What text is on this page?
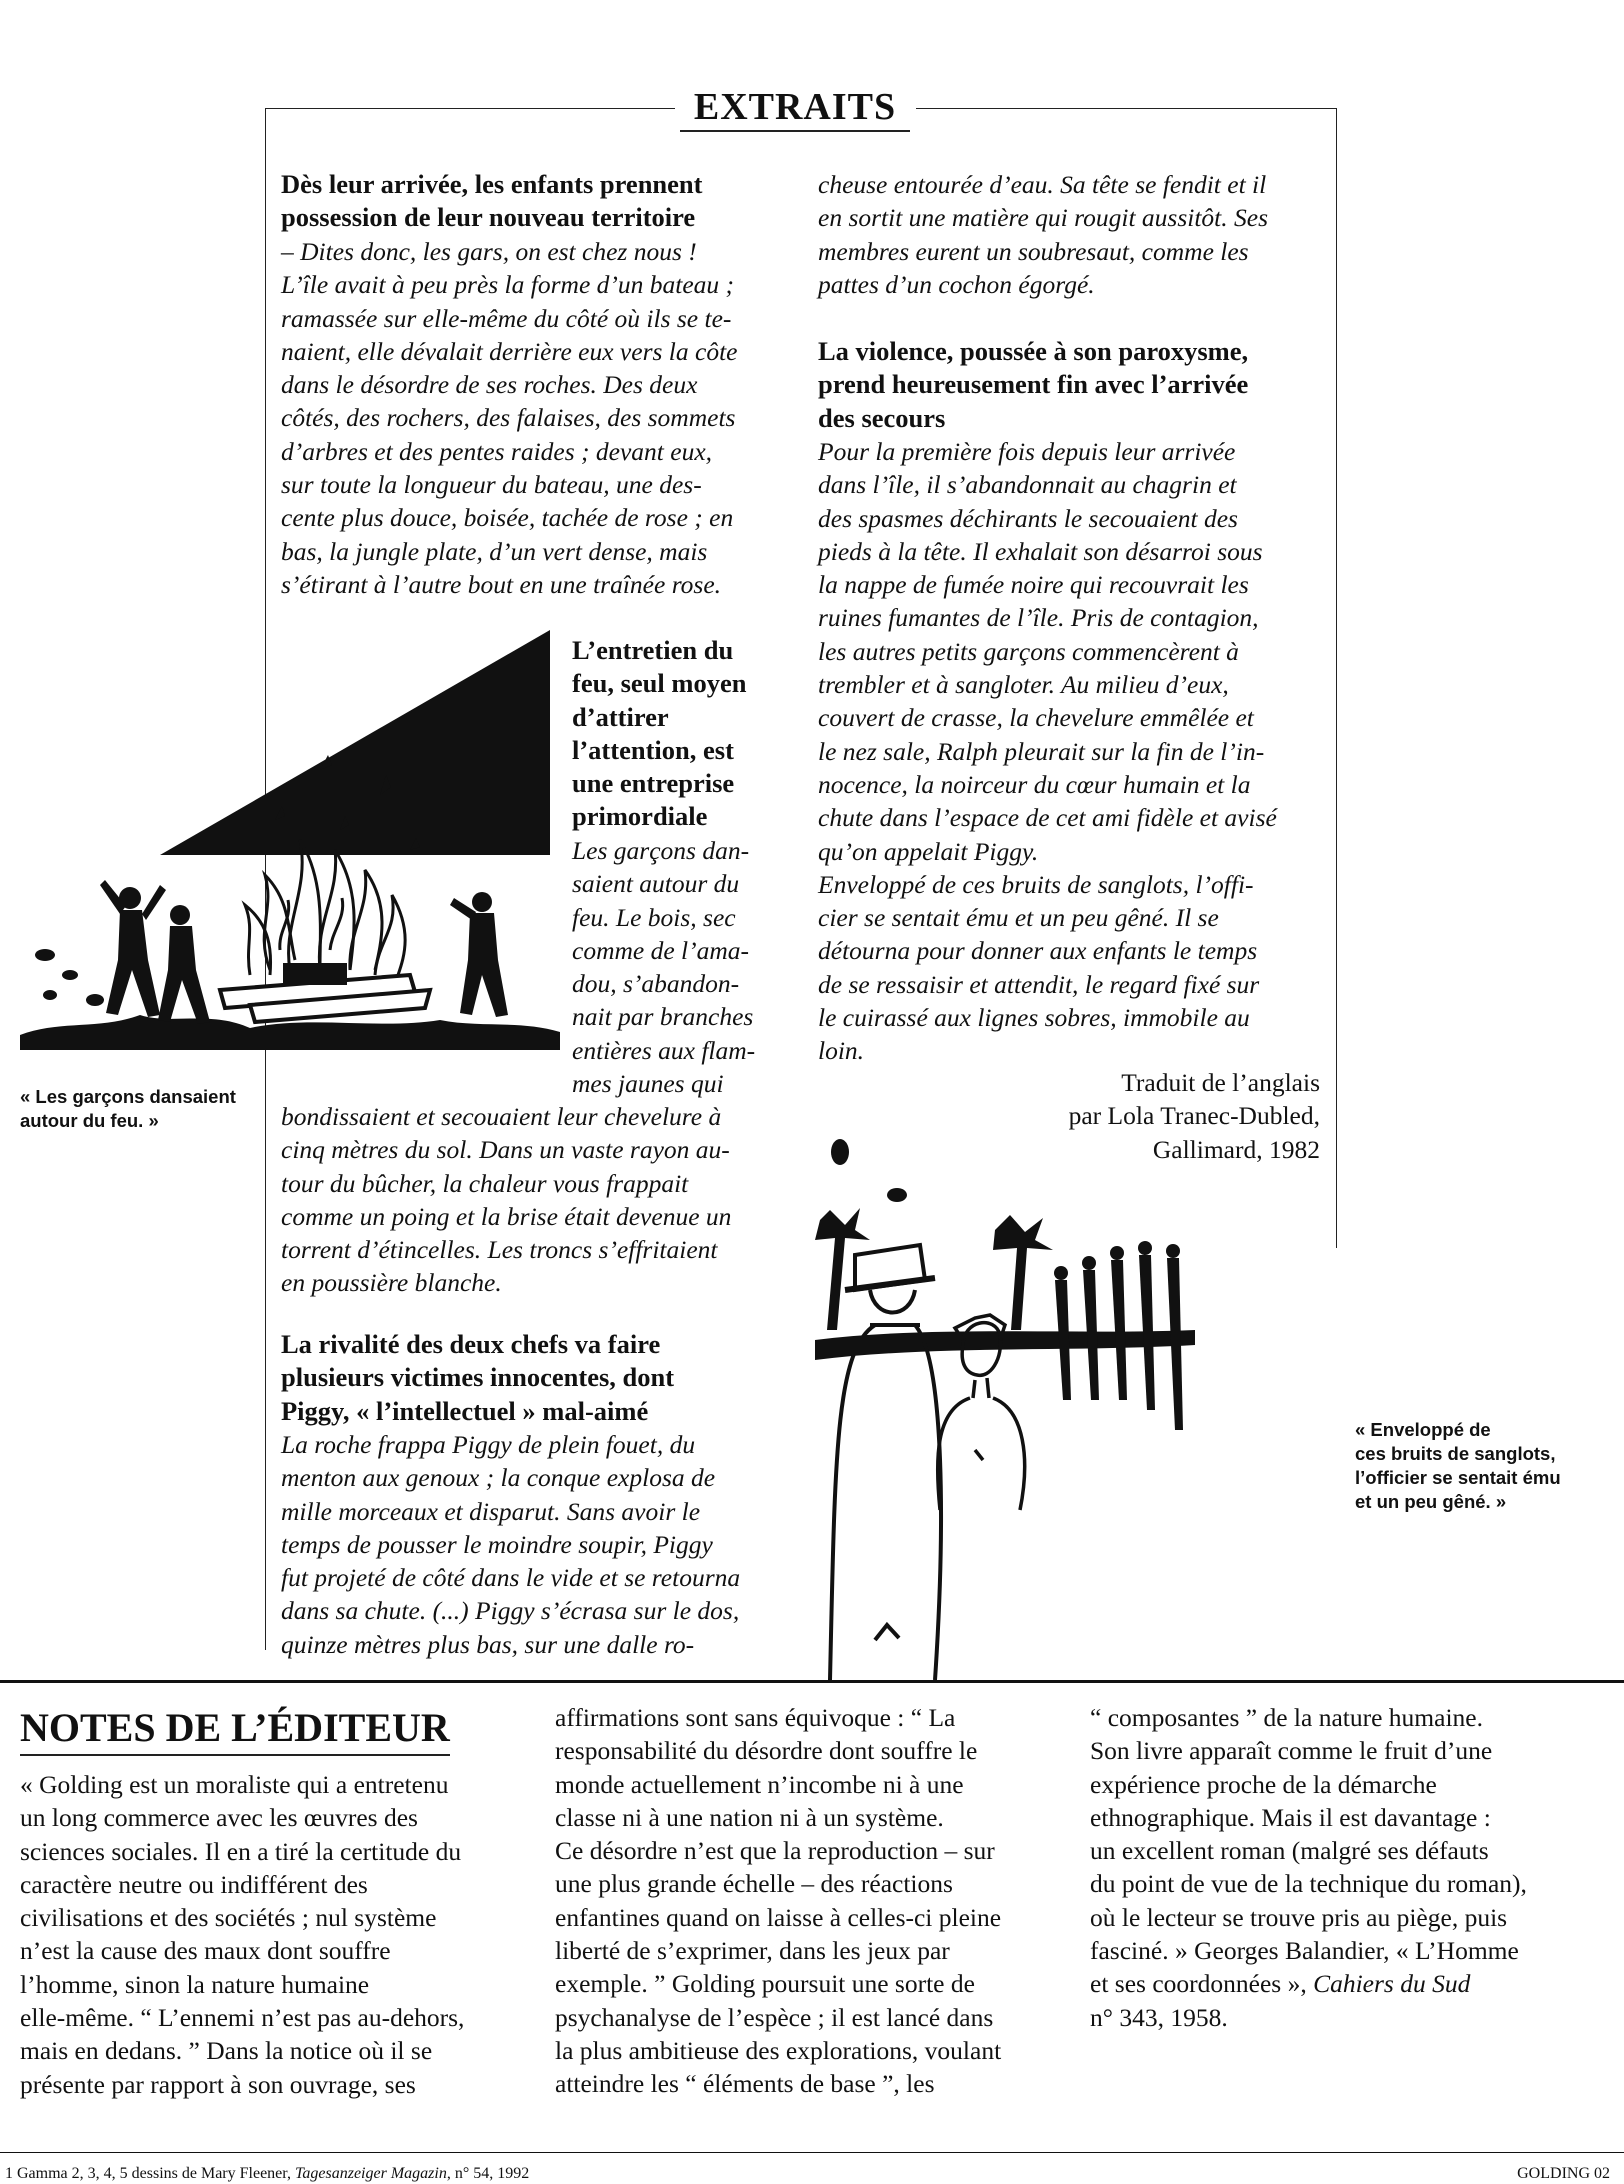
EXTRAITS
Dès leur arrivée, les enfants prennent
possession de leur nouveau territoire
– Dites donc, les gars, on est chez nous !
L’île avait à peu près la forme d’un bateau ;
ramassée sur elle-même du côté où ils se te-
naient, elle dévalait derrière eux vers la côte
dans le désordre de ses roches. Des deux
côtés, des rochers, des falaises, des sommets
d’arbres et des pentes raides ; devant eux,
sur toute la longueur du bateau, une des-
cente plus douce, boisée, tachée de rose ; en
bas, la jungle plate, d’un vert dense, mais
s’étirant à l’autre bout en une traînée rose.
L’entretien du
feu, seul moyen
d’attirer
l’attention, est
une entreprise
primordiale
Les garçons dan-
saient autour du
feu. Le bois, sec
comme de l’ama-
dou, s’abandon-
nait par branches
entières aux flam-
mes jaunes qui
bondissaient et secouaient leur chevelure à
cinq mètres du sol. Dans un vaste rayon au-
tour du bûcher, la chaleur vous frappait
comme un poing et la brise était devenue un
torrent d’étincelles. Les troncs s’effritaient
en poussière blanche.
La rivalité des deux chefs va faire
plusieurs victimes innocentes, dont
Piggy, « l’intellectuel » mal-aimé
La roche frappa Piggy de plein fouet, du
menton aux genoux ; la conque explosa de
mille morceaux et disparut. Sans avoir le
temps de pousser le moindre soupir, Piggy
fut projeté de côté dans le vide et se retourna
dans sa chute. (...) Piggy s’écrasa sur le dos,
quinze mètres plus bas, sur une dalle ro-
cheuse entourée d’eau. Sa tête se fendit et il
en sortit une matière qui rougit aussitôt. Ses
membres eurent un soubresaut, comme les
pattes d’un cochon égorgé.
La violence, poussée à son paroxysme,
prend heureusement fin avec l’arrivée
des secours
Pour la première fois depuis leur arrivée
dans l’île, il s’abandonnait au chagrin et
des spasmes déchirants le secouaient des
pieds à la tête. Il exhalait son désarroi sous
la nappe de fumée noire qui recouvrait les
ruines fumantes de l’île. Pris de contagion,
les autres petits garçons commencèrent à
trembler et à sangloter. Au milieu d’eux,
couvert de crasse, la chevelure emmêlée et
le nez sale, Ralph pleurait sur la fin de l’in-
nocence, la noirceur du cœur humain et la
chute dans l’espace de cet ami fidèle et avisé
qu’on appelait Piggy.
Enveloppé de ces bruits de sanglots, l’offi-
cier se sentait ému et un peu gêné. Il se
détourna pour donner aux enfants le temps
de se ressaisir et attendit, le regard fixé sur
le cuirassé aux lignes sobres, immobile au
loin.
Traduit de l’anglais
par Lola Tranec-Dubled,
Gallimard, 1982
« Les garçons dansaient
autour du feu. »
« Enveloppé de
ces bruits de sanglots,
l’officier se sentait ému
et un peu gêné. »
NOTES DE L’ÉDITEUR
« Golding est un moraliste qui a entretenu
un long commerce avec les œuvres des
sciences sociales. Il en a tiré la certitude du
caractère neutre ou indifférent des
civilisations et des sociétés ; nul système
n’est la cause des maux dont souffre
l’homme, sinon la nature humaine
elle-même. “ L’ennemi n’est pas au-dehors,
mais en dedans. ” Dans la notice où il se
présente par rapport à son ouvrage, ses
affirmations sont sans équivoque : “ La
responsabilité du désordre dont souffre le
monde actuellement n’incombe ni à une
classe ni à une nation ni à un système.
Ce désordre n’est que la reproduction – sur
une plus grande échelle – des réactions
enfantines quand on laisse à celles-ci pleine
liberté de s’exprimer, dans les jeux par
exemple. ” Golding poursuit une sorte de
psychanalyse de l’espèce ; il est lancé dans
la plus ambitieuse des explorations, voulant
atteindre les “ éléments de base ”, les
“ composantes ” de la nature humaine.
Son livre apparaît comme le fruit d’une
expérience proche de la démarche
ethnographique. Mais il est davantage :
un excellent roman (malgré ses défauts
du point de vue de la technique du roman),
où le lecteur se trouve pris au piège, puis
fasciné. » Georges Balandier, « L’Homme
et ses coordonnées », Cahiers du Sud
n° 343, 1958.
1 Gamma 2, 3, 4, 5 dessins de Mary Fleener, Tagesanzeiger Magazin, n° 54, 1992	GOLDING 02
